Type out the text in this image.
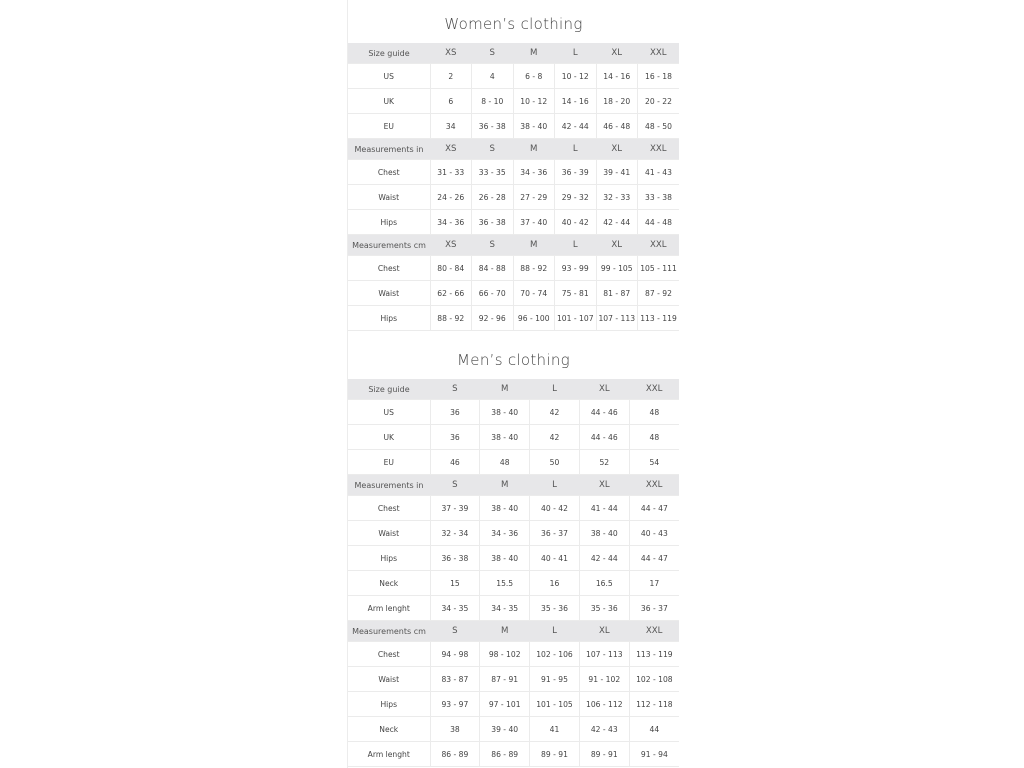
Women’s clothing
Size guide	XS	S	M	L	XL	XXL
US	2	4	6 - 8	10 - 12	14 - 16	16 - 18
UK	6	8 - 10	10 - 12	14 - 16	18 - 20	20 - 22
EU	34	36 - 38	38 - 40	42 - 44	46 - 48	48 - 50
Measurements in	XS	S	M	L	XL	XXL
Chest	31 - 33	33 - 35	34 - 36	36 - 39	39 - 41	41 - 43
Waist	24 - 26	26 - 28	27 - 29	29 - 32	32 - 33	33 - 38
Hips	34 - 36	36 - 38	37 - 40	40 - 42	42 - 44	44 - 48
Measurements cm	XS	S	M	L	XL	XXL
Chest	80 - 84	84 - 88	88 - 92	93 - 99	99 - 105	105 - 111
Waist	62 - 66	66 - 70	70 - 74	75 - 81	81 - 87	87 - 92
Hips	88 - 92	92 - 96	96 - 100	101 - 107	107 - 113	113 - 119
Men’s clothing
Size guide	S	M	L	XL	XXL
US	36	38 - 40	42	44 - 46	48
UK	36	38 - 40	42	44 - 46	48
EU	46	48	50	52	54
Measurements in	S	M	L	XL	XXL
Chest	37 - 39	38 - 40	40 - 42	41 - 44	44 - 47
Waist	32 - 34	34 - 36	36 - 37	38 - 40	40 - 43
Hips	36 - 38	38 - 40	40 - 41	42 - 44	44 - 47
Neck	15	15.5	16	16.5	17
Arm lenght	34 - 35	34 - 35	35 - 36	35 - 36	36 - 37
Measurements cm	S	M	L	XL	XXL
Chest	94 - 98	98 - 102	102 - 106	107 - 113	113 - 119
Waist	83 - 87	87 - 91	91 - 95	91 - 102	102 - 108
Hips	93 - 97	97 - 101	101 - 105	106 - 112	112 - 118
Neck	38	39 - 40	41	42 - 43	44
Arm lenght	86 - 89	86 - 89	89 - 91	89 - 91	91 - 94
